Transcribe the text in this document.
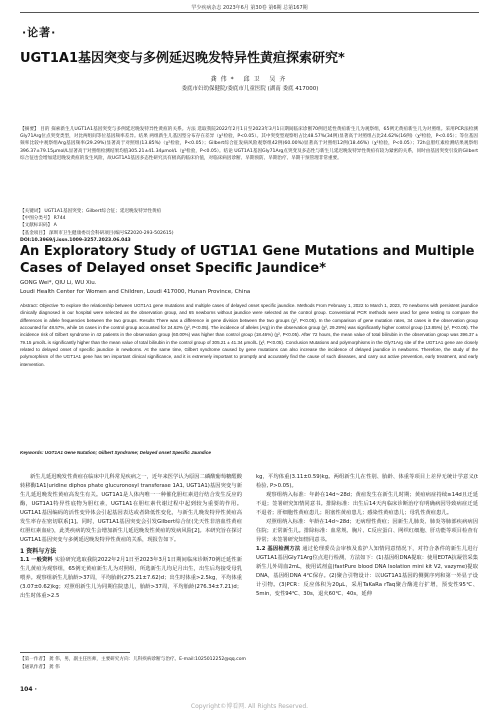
罕少疾病杂志 2023年6月 第30卷 第6期 总第167期
·论著·
UGT1A1基因突变与多例延迟晚发特异性黄疸探索研究*
龚伟* 邱卫 吴齐
娄底市妇幼保健院/娄底市儿童医院 (湖南 娄底 417000)
【摘要】 目的 探索新生儿UGT1A1基因突变与多例延迟晚发特异性黄疸的关系。方法 选取我院2022年2月1日至2023年3月1日期间临床诊断70例迟延性黄疸新生儿为观察组，65例无黄疸新生儿为对照组。采用PCR法检测Gly71Arg位点突变类型，对比两组间等位基因频率差异。结果 两组新生儿基因型分布存在差异（χ²检验，P<0.05）。其中突变型观察组占比48.57%(34例)显著高于对照组占比24.62%(16例)（χ²检验，P<0.05）；等位基因频率比较中观察组Arg基因频率(29.29%)显著高于对照组(13.85%)（χ²检验，P<0.05）；Gilbert综合征发病风险观察组42例(60.00%)显著高于对照组12例(18.46%)（χ²检验，P<0.05）；72h总胆红素检测结果观察组396.37±79.15μmol/L显著高于对照组检测结果均值305.21±41.34μmol/L（χ²检验，P<0.05）。结论 UGT1A1基因Gly71Arg点突变及多态性与新生儿延迟晚发特异性黄疸有较为紧密的关系，同时由基因突变引发的Gilbert综合征也会增加延迟晚发黄疸的发生风险，故UGT1A1基因多态性研究具有极高的临床价值，对临床病因诊断、早期预防、早期治疗、早期干预管理非常重要。
【关键词】 UGT1A1基因突变；Gilbert综合征；延迟晚发特异性黄疸
【中图分类号】 R744
【文献标识码】 A
【基金项目】 深圳市卫生健康委员会科研项目(编号SZ2020-293-502615)
DOI:10.3969/j.issn.1009-3257.2023.06.043
An Exploratory Study of UGT1A1 Gene Mutations and Multiple Cases of Delayed onset Specific Jaundice*
GONG Wei*, QIU Li, WU Xiu.
Loudi Health Center for Women and Children, Loudi 417000, Hunan Province, China
Abstract: Objective To explore the relationship between UGT1A1 gene mutations and multiple cases of delayed onset specific jaundice. Methods From February 1, 2022 to March 1, 2023, 70 newborns with persistent jaundice clinically diagnosed in our hospital were selected as the observation group, and 65 newborns without jaundice were selected as the control group. Conventional PCR methods were used for gene testing to compare the differences in allele frequencies between the two groups. Results There was a difference in gene division between the two groups (χ², P<0.05). In the comparison of gene mutation rates, 34 cases in the observation group accounted for 48.57%, while 16 cases in the control group accounted for 24.62% (χ², P<0.05). The incidence of alleles (Arg) in the observation group (χ², 29.29%) was significantly higher control group (13.85%) (χ², P<0.05). The incidence risk of Gilbert syndrome in 42 patients in the observation group (60.00%) was higher than control group (18.46%) (χ², P<0.05). After 72 hours, the mean value of total bilirubin in the observation group was 396.37 ± 79.15 μmol/L is significantly higher than the mean value of total bilirubin in the control group of 305.21 ± 41.34 μmol/L (χ², P<0.05). Conclusion Mutations and polymorphisms in the Gly71Arg site of the UGT1A1 gene are closely related to delayed onset of specific jaundice in newborns. At the same time, Gilbert syndrome caused by gene mutations can also increase the incidence of delayed jaundice in newborns. Therefore, the study of the polymorphism of the UGT1A1 gene has ten important clinical significance, and it is extremely important to promptly and accurately find the cause of such diseases, and carry out active prevention, early treatment, and early intervention.
Keywords: UGT1A1 Gene Nutation; Gilbert Syndrome; Delayed onset Specific Jaundice

新生儿延迟晚发性黄疸在临床中儿科常见疾病之一，近年来医学认为原因二磷酸葡萄糖醛酸转移酶1A1(uridine diphos phate glucuronosyl transferase 1A1, UGT1A1)基因突变与新生儿延迟晚发性黄疸高发生有关。UGT1A1是人体内唯一一种催化胆红素进行结合发生反应的酶，UGT1A1特异性底物为胆红素，UGT1A1在胆红素代谢过程中起到较为重要的作用。UGT1A1基因编码的活性变异体会引起基因表达或者降低性变化，与新生儿晚发特异性黄疸高发生率存在密切联系[1]。同时，UGT1A1基因突变会引发Gilbert综合征(先天性非溶血性黄疸红胆红素血症)，此类疾病的发生会增加新生儿延迟晚发性黄疸的发病风险[2]。本研究旨在探讨UGT1A1基因突变与多例延迟晚发特异性黄疸的关系，现报告如下。

1 资料与方法

1.1 一般资料 实验研究选取我院2022年2月1日至2023年3月1日期间临床诊断70例迁延性新生儿黄疸为观察组，65例无黄疸新生儿为对照组，所选新生儿均足月出生，出生后均接受母乳喂养。观察组新生儿胎龄>37周，平均胎龄(275.21±7.62)d；出生时体重>2.5kg，平均体重(3.07±0.62)kg；对照组新生儿为同期住院患儿，胎龄>37周，平均胎龄(276.34±7.21)d；出生时体重>2.5

kg，平均体重(3.11±0.59)kg。两组新生儿在性别、胎龄、体重等项目上差异无统计学意义(t检验, P>0.05)。

观察组纳入标准：年龄在14d~28d；黄疸发生在新生儿时期；黄疸病症持续≥14d且迁延不退；签署研究知情同意书。排除标准：出生后14天内临床诊断治疗有明确病因导致病症迁延不退者；肝细胞性黄疸患儿；阻塞性黄疸患儿；感染性黄疸患儿；母乳性黄疸患儿。

对照组纳入标准：年龄在14d~28d；无病理性黄疸；因新生儿肺炎、肺炎等肺部疾病病因住院；正常新生儿。排除标准：血常规、胸片、C反应蛋白、网织红细胞、肝功能等项目检查有异常；未签署研究知情同意书。

1.2 基因检测方法 通过伦理委员会审核及监护人知情同意情况下，对符合条件的新生儿进行UGT1A1基因Gly71Arg位点进行检测，方法如下：(1)基因组DNA提取：使用EDTA抗凝管采集新生儿外周血2mL，使用试剂盒(fastPure blood DNA Isolation mini kit V2, vazyme)提取DNA，基因组DNA 4℃保存。(2)聚合引物设计：以UGT1A1基因的侧翼序列和第一外显子设计引物。(3)PCR：反应体积为20μL，采用TaKaRa rTaq聚合酶进行扩增，预变性95℃、5min，变性94℃、30s，退火60℃、40s，延伸

【第一作者】 龚 伟，男，副主任医师，主要研究方向：儿科疾病诊断与治疗。E-mail:1025012252@qq.com
【通讯作者】 龚 伟
104 ·
Copyright©博看网. All Rights Reserved.
